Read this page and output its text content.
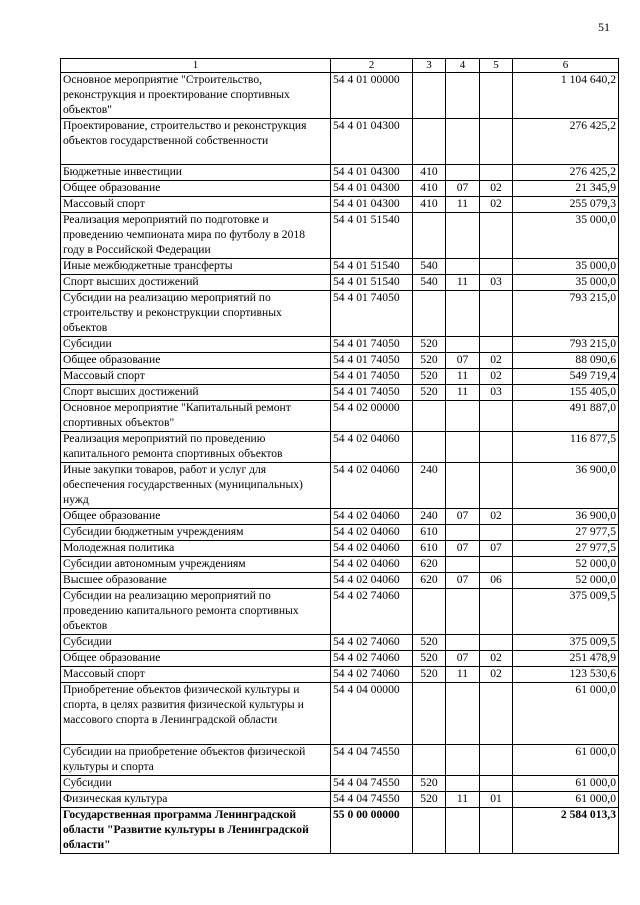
51
1	2	3	4	5	6
Основное мероприятие "Строительство, реконструкция и проектирование спортивных объектов"	54 4 01 00000				1 104 640,2
Проектирование, строительство и реконструкция объектов государственной собственности	54 4 01 04300				276 425,2
Бюджетные инвестиции	54 4 01 04300	410			276 425,2
Общее образование	54 4 01 04300	410	07	02	21 345,9
Массовый спорт	54 4 01 04300	410	11	02	255 079,3
Реализация мероприятий по подготовке и проведению чемпионата мира по футболу в 2018 году в Российской Федерации	54 4 01 51540				35 000,0
Иные межбюджетные трансферты	54 4 01 51540	540			35 000,0
Спорт высших достижений	54 4 01 51540	540	11	03	35 000,0
Субсидии на реализацию мероприятий по строительству и реконструкции спортивных объектов	54 4 01 74050				793 215,0
Субсидии	54 4 01 74050	520			793 215,0
Общее образование	54 4 01 74050	520	07	02	88 090,6
Массовый спорт	54 4 01 74050	520	11	02	549 719,4
Спорт высших достижений	54 4 01 74050	520	11	03	155 405,0
Основное мероприятие "Капитальный ремонт спортивных объектов"	54 4 02 00000				491 887,0
Реализация мероприятий по проведению капитального ремонта спортивных объектов	54 4 02 04060				116 877,5
Иные закупки товаров, работ и услуг для обеспечения государственных (муниципальных) нужд	54 4 02 04060	240			36 900,0
Общее образование	54 4 02 04060	240	07	02	36 900,0
Субсидии бюджетным учреждениям	54 4 02 04060	610			27 977,5
Молодежная политика	54 4 02 04060	610	07	07	27 977,5
Субсидии автономным учреждениям	54 4 02 04060	620			52 000,0
Высшее образование	54 4 02 04060	620	07	06	52 000,0
Субсидии на реализацию мероприятий по проведению капитального ремонта спортивных объектов	54 4 02 74060				375 009,5
Субсидии	54 4 02 74060	520			375 009,5
Общее образование	54 4 02 74060	520	07	02	251 478,9
Массовый спорт	54 4 02 74060	520	11	02	123 530,6
Приобретение объектов физической культуры и спорта, в целях развития физической культуры и массового спорта в Ленинградской области	54 4 04 00000				61 000,0
Субсидии на приобретение объектов физической культуры и спорта	54 4 04 74550				61 000,0
Субсидии	54 4 04 74550	520			61 000,0
Физическая культура	54 4 04 74550	520	11	01	61 000,0
Государственная программа Ленинградской области "Развитие культуры в Ленинградской области"	55 0 00 00000				2 584 013,3
